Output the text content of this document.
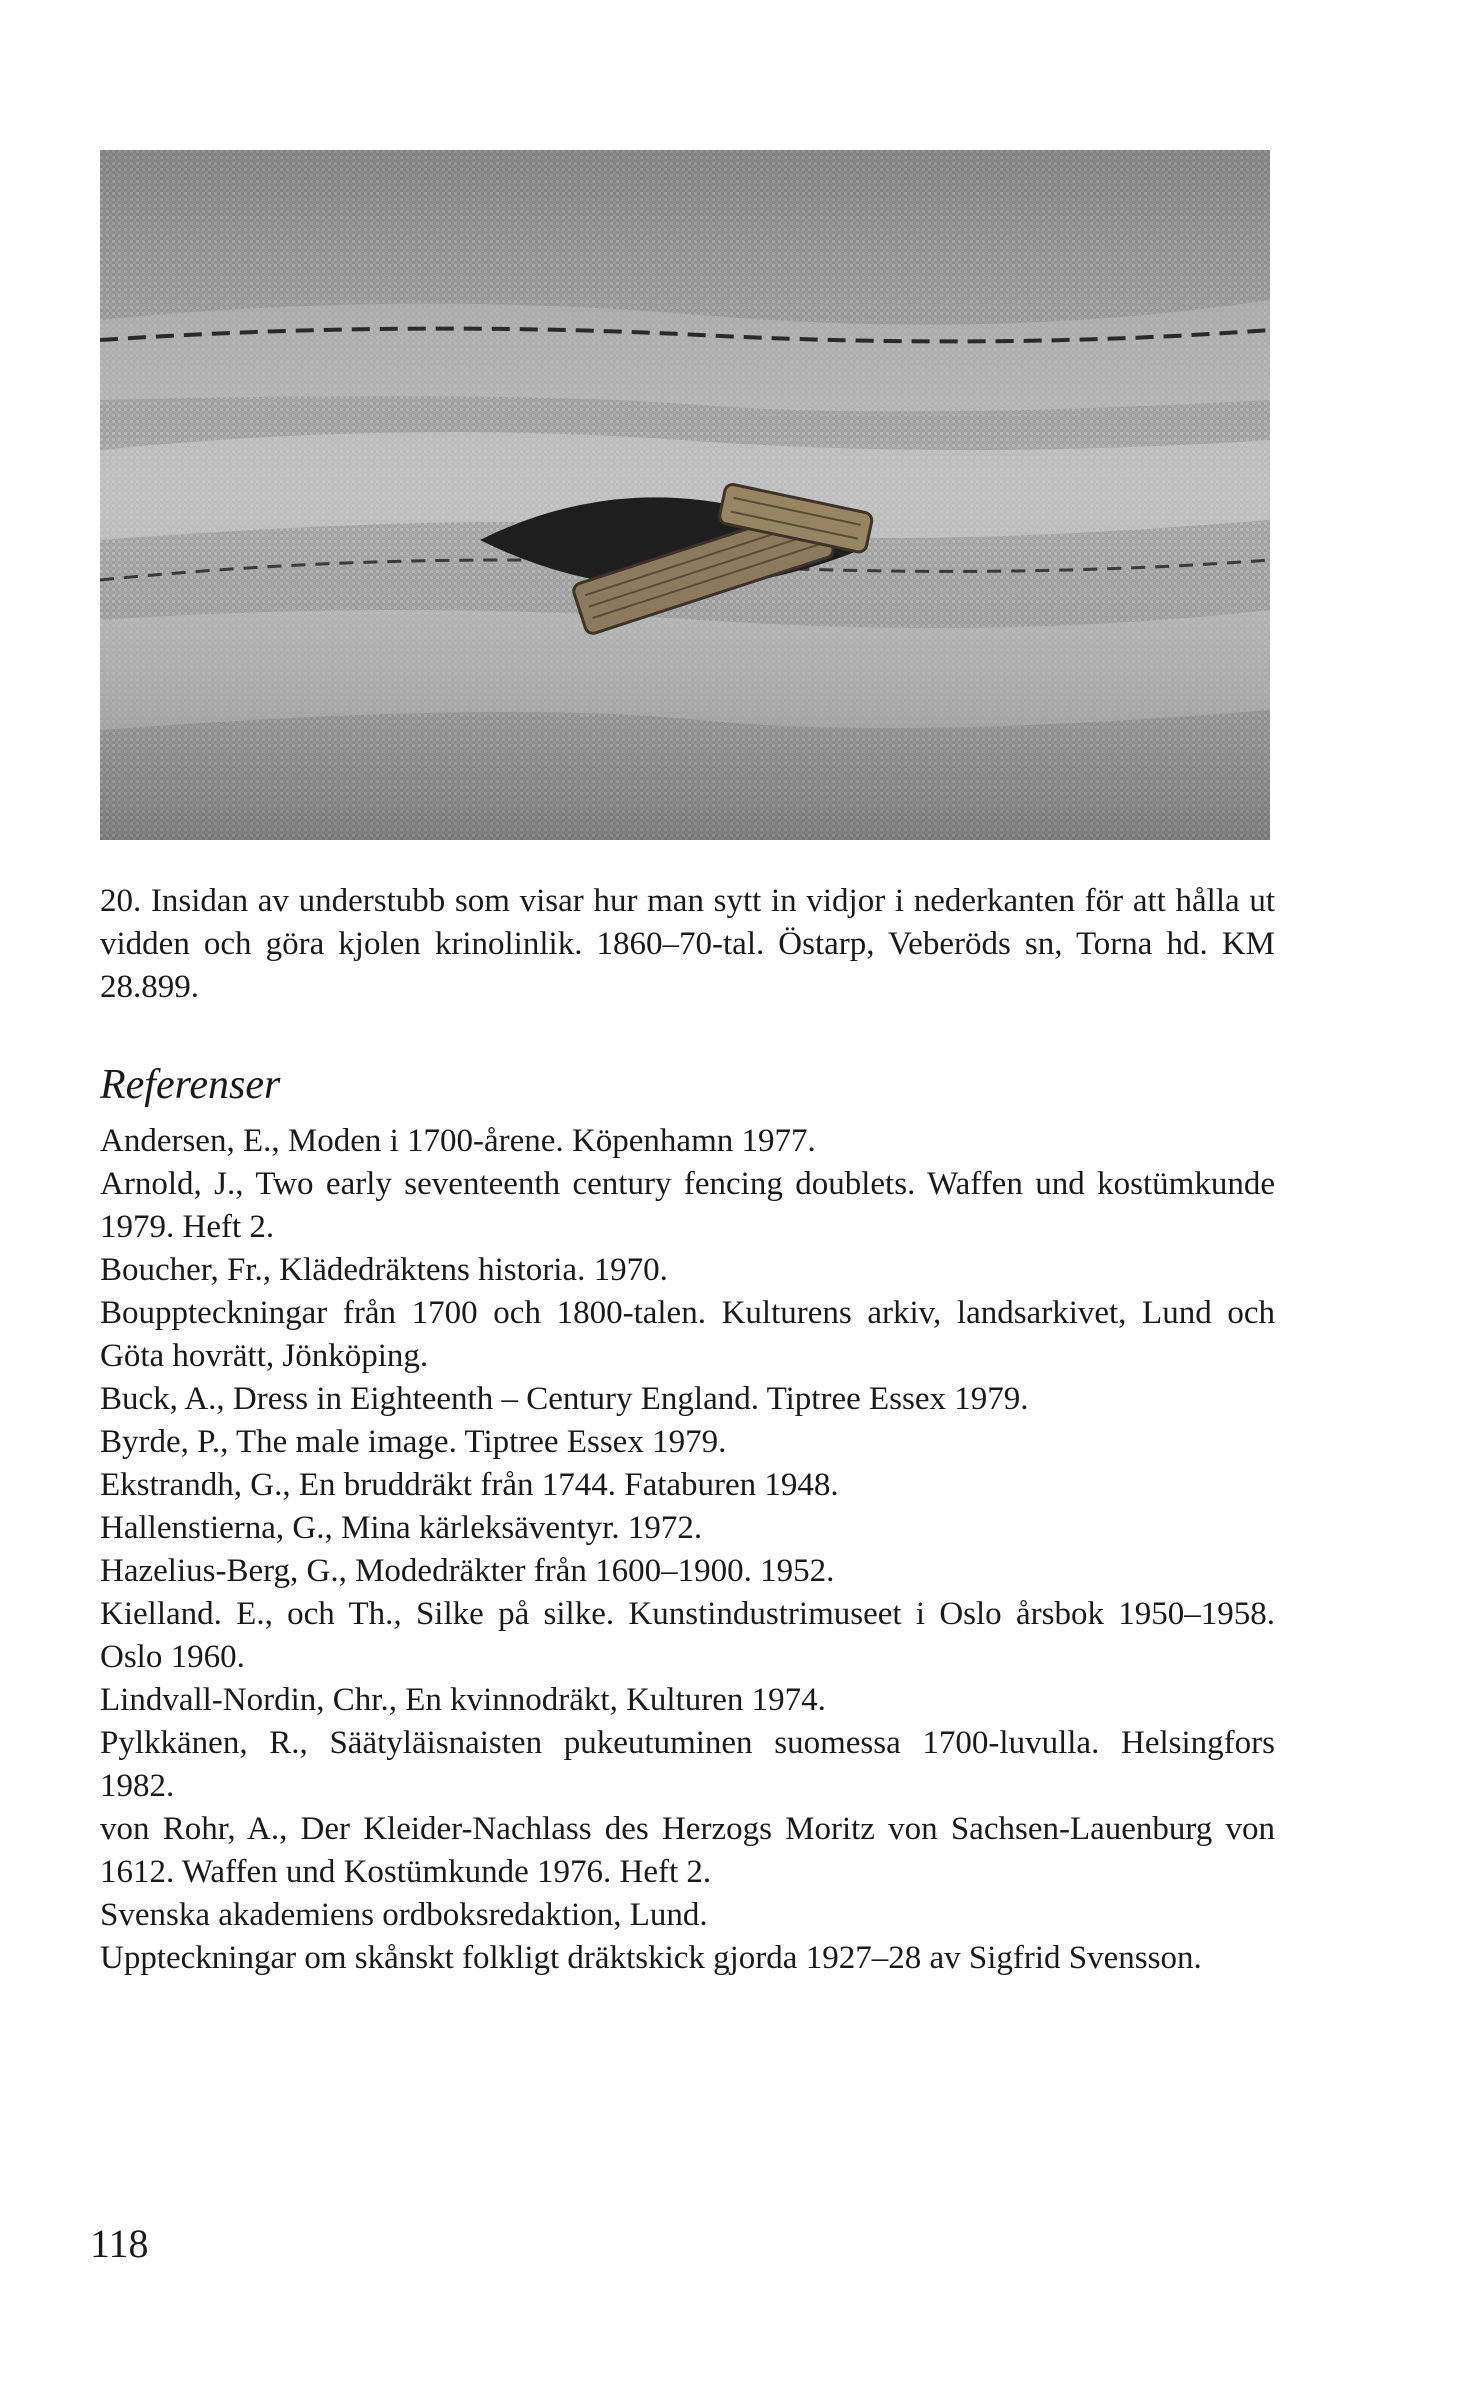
20. Insidan av understubb som visar hur man sytt in vidjor i nederkanten för att hålla ut vidden och göra kjolen krinolinlik. 1860–70-tal. Östarp, Veberöds sn, Torna hd. KM 28.899.
Referenser
Andersen, E., Moden i 1700-årene. Köpenhamn 1977.
Arnold, J., Two early seventeenth century fencing doublets. Waffen und kostümkunde 1979. Heft 2.
Boucher, Fr., Klädedräktens historia. 1970.
Bouppteckningar från 1700 och 1800-talen. Kulturens arkiv, landsarkivet, Lund och Göta hovrätt, Jönköping.
Buck, A., Dress in Eighteenth – Century England. Tiptree Essex 1979.
Byrde, P., The male image. Tiptree Essex 1979.
Ekstrandh, G., En bruddräkt från 1744. Fataburen 1948.
Hallenstierna, G., Mina kärleksäventyr. 1972.
Hazelius-Berg, G., Modedräkter från 1600–1900. 1952.
Kielland. E., och Th., Silke på silke. Kunstindustrimuseet i Oslo årsbok 1950–1958. Oslo 1960.
Lindvall-Nordin, Chr., En kvinnodräkt, Kulturen 1974.
Pylkkänen, R., Säätyläisnaisten pukeutuminen suomessa 1700-luvulla. Helsingfors 1982.
von Rohr, A., Der Kleider-Nachlass des Herzogs Moritz von Sachsen-Lauenburg von 1612. Waffen und Kostümkunde 1976. Heft 2.
Svenska akademiens ordboksredaktion, Lund.
Uppteckningar om skånskt folkligt dräktskick gjorda 1927–28 av Sigfrid Svensson.
118
